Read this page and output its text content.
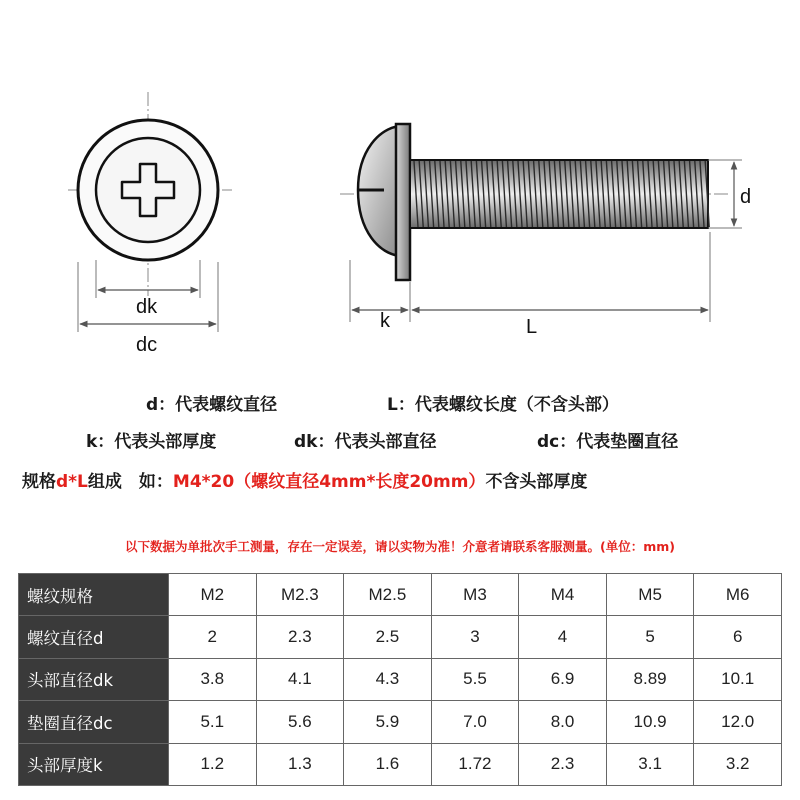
dk
dc
d
k	L
d：代表螺纹直径	L：代表螺纹长度（不含头部）
k：代表头部厚度	dk：代表头部直径	dc：代表垫圈直径
规格d*L组成　如：M4*20（螺纹直径4mm*长度20mm）不含头部厚度
以下数据为单批次手工测量，存在一定误差，请以实物为准！介意者请联系客服测量。(单位：mm)
螺纹规格	M2	M2.3	M2.5	M3	M4	M5	M6
螺纹直径d	2	2.3	2.5	3	4	5	6
头部直径dk	3.8	4.1	4.3	5.5	6.9	8.89	10.1
垫圈直径dc	5.1	5.6	5.9	7.0	8.0	10.9	12.0
头部厚度k	1.2	1.3	1.6	1.72	2.3	3.1	3.2
